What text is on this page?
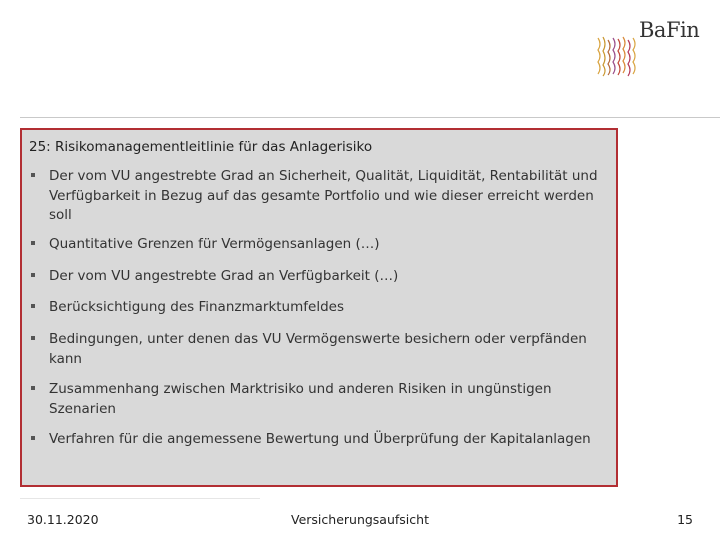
BaFin
25: Risikomanagementleitlinie für das Anlagerisiko
Der vom VU angestrebte Grad an Sicherheit, Qualität, Liquidität, Rentabilität und Verfügbarkeit in Bezug auf das gesamte Portfolio und wie dieser erreicht werden soll
Quantitative Grenzen für Vermögensanlagen (…)
Der vom VU angestrebte Grad an Verfügbarkeit (…)
Berücksichtigung des Finanzmarktumfeldes
Bedingungen, unter denen das VU Vermögenswerte besichern oder verpfänden kann
Zusammenhang zwischen Marktrisiko und anderen Risiken in ungünstigen Szenarien
Verfahren für die angemessene Bewertung und Überprüfung der Kapitalanlagen
30.11.2020	Versicherungsaufsicht	15
